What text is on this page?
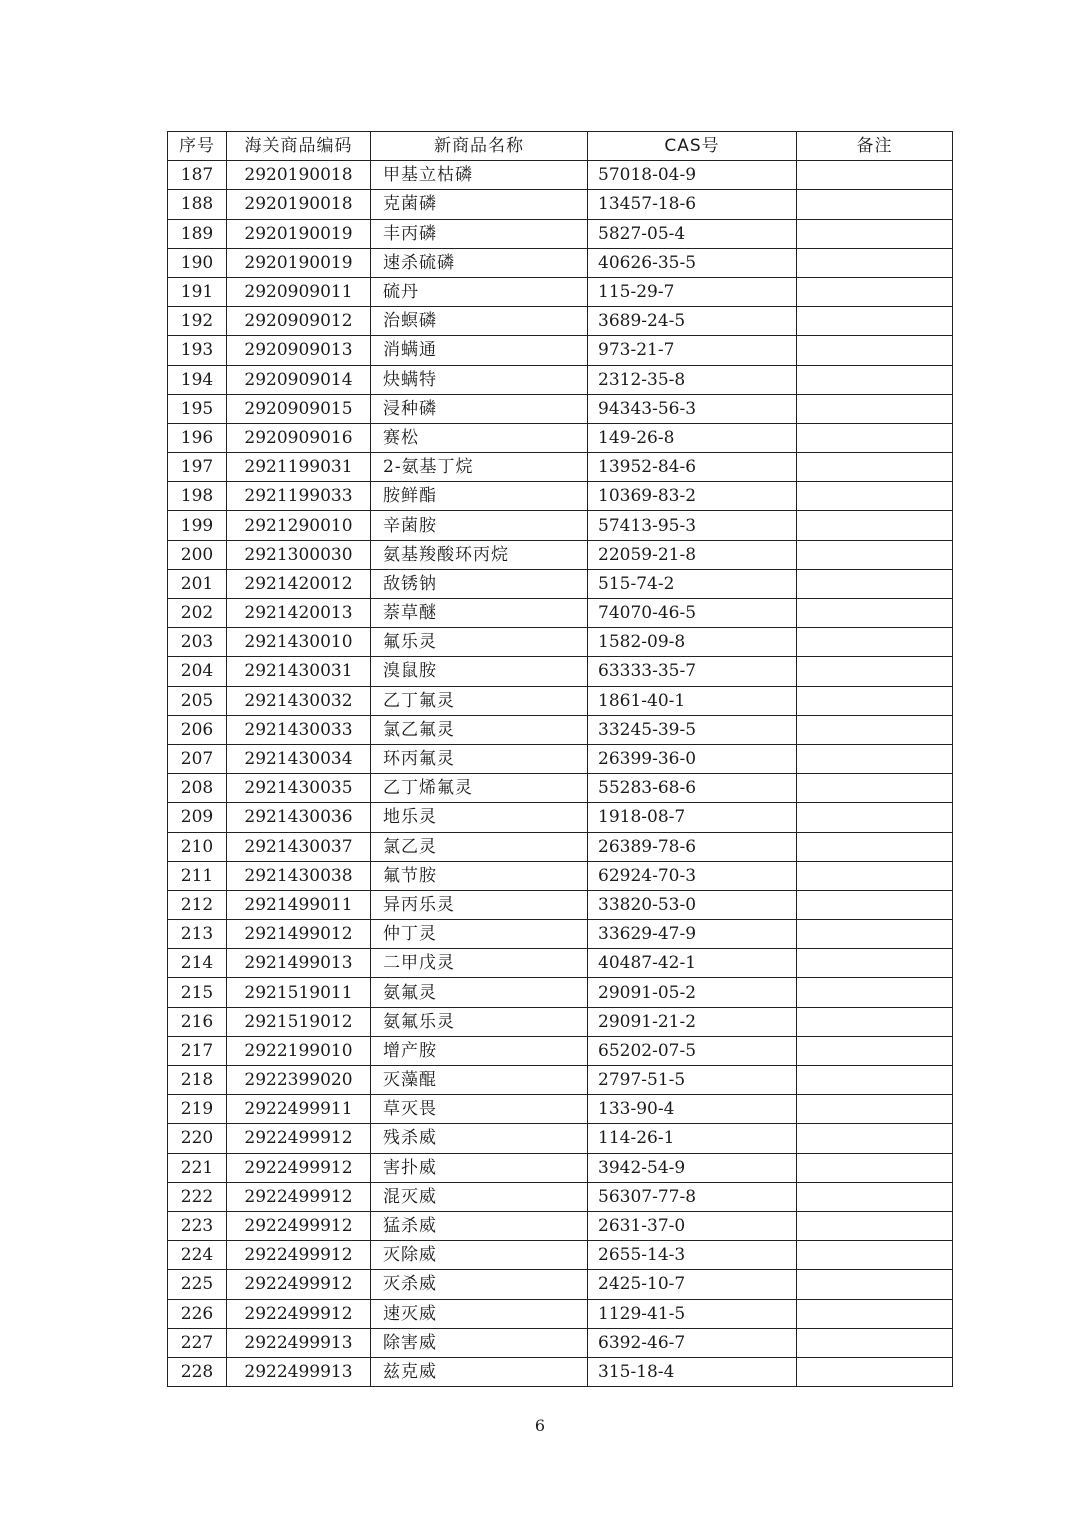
序号	海关商品编码	新商品名称	CAS号	备注
187	2920190018	甲基立枯磷	57018-04-9	
188	2920190018	克菌磷	13457-18-6	
189	2920190019	丰丙磷	5827-05-4	
190	2920190019	速杀硫磷	40626-35-5	
191	2920909011	硫丹	115-29-7	
192	2920909012	治螟磷	3689-24-5	
193	2920909013	消螨通	973-21-7	
194	2920909014	炔螨特	2312-35-8	
195	2920909015	浸种磷	94343-56-3	
196	2920909016	赛松	149-26-8	
197	2921199031	2-氨基丁烷	13952-84-6	
198	2921199033	胺鲜酯	10369-83-2	
199	2921290010	辛菌胺	57413-95-3	
200	2921300030	氨基羧酸环丙烷	22059-21-8	
201	2921420012	敌锈钠	515-74-2	
202	2921420013	萘草醚	74070-46-5	
203	2921430010	氟乐灵	1582-09-8	
204	2921430031	溴鼠胺	63333-35-7	
205	2921430032	乙丁氟灵	1861-40-1	
206	2921430033	氯乙氟灵	33245-39-5	
207	2921430034	环丙氟灵	26399-36-0	
208	2921430035	乙丁烯氟灵	55283-68-6	
209	2921430036	地乐灵	1918-08-7	
210	2921430037	氯乙灵	26389-78-6	
211	2921430038	氟节胺	62924-70-3	
212	2921499011	异丙乐灵	33820-53-0	
213	2921499012	仲丁灵	33629-47-9	
214	2921499013	二甲戊灵	40487-42-1	
215	2921519011	氨氟灵	29091-05-2	
216	2921519012	氨氟乐灵	29091-21-2	
217	2922199010	增产胺	65202-07-5	
218	2922399020	灭藻醌	2797-51-5	
219	2922499911	草灭畏	133-90-4	
220	2922499912	残杀威	114-26-1	
221	2922499912	害扑威	3942-54-9	
222	2922499912	混灭威	56307-77-8	
223	2922499912	猛杀威	2631-37-0	
224	2922499912	灭除威	2655-14-3	
225	2922499912	灭杀威	2425-10-7	
226	2922499912	速灭威	1129-41-5	
227	2922499913	除害威	6392-46-7	
228	2922499913	兹克威	315-18-4	
6
